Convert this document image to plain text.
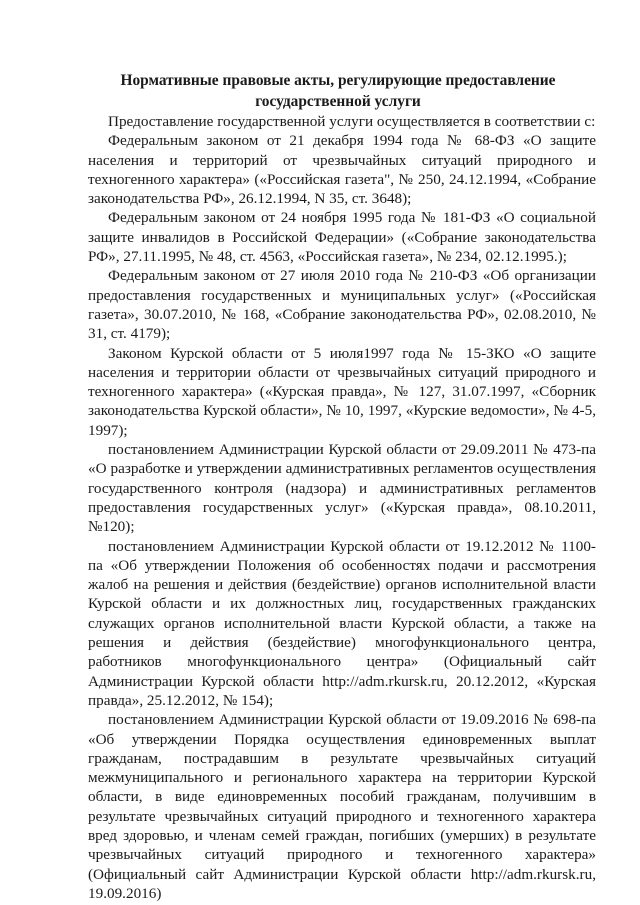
Нормативные правовые акты, регулирующие предоставление
государственной услуги

Предоставление государственной услуги осуществляется в соответствии с:

Федеральным законом от 21 декабря 1994 года № 68-ФЗ «О защите населения и территорий от чрезвычайных ситуаций природного и техногенного характера» («Российская газета", № 250, 24.12.1994, «Собрание законодательства РФ», 26.12.1994, N 35, ст. 3648);

Федеральным законом от 24 ноября 1995 года № 181-ФЗ «О социальной защите инвалидов в Российской Федерации» («Собрание законодательства РФ», 27.11.1995, № 48, ст. 4563, «Российская газета», № 234, 02.12.1995.);

Федеральным законом от 27 июля 2010 года № 210-ФЗ «Об организации предоставления государственных и муниципальных услуг» («Российская газета», 30.07.2010, № 168, «Собрание законодательства РФ», 02.08.2010, № 31, ст. 4179);

Законом Курской области от 5 июля1997 года № 15-ЗКО «О защите населения и территории области от чрезвычайных ситуаций природного и техногенного характера» («Курская правда», № 127, 31.07.1997, «Сборник законодательства Курской области», № 10, 1997, «Курские ведомости», № 4-5, 1997);

постановлением Администрации Курской области от 29.09.2011 № 473-па «О разработке и утверждении административных регламентов осуществления государственного контроля (надзора) и административных регламентов предоставления государственных услуг» («Курская правда», 08.10.2011, №120);

постановлением Администрации Курской области от 19.12.2012 № 1100-па «Об утверждении Положения об особенностях подачи и рассмотрения жалоб на решения и действия (бездействие) органов исполнительной власти Курской области и их должностных лиц, государственных гражданских служащих органов исполнительной власти Курской области, а также на решения и действия (бездействие) многофункционального центра, работников многофункционального центра» (Официальный сайт Администрации Курской области http://adm.rkursk.ru, 20.12.2012, «Курская правда», 25.12.2012, № 154);

постановлением Администрации Курской области от 19.09.2016 № 698-па «Об утверждении Порядка осуществления единовременных выплат гражданам, пострадавшим в результате чрезвычайных ситуаций межмуниципального и регионального характера на территории Курской области, в виде единовременных пособий гражданам, получившим в результате чрезвычайных ситуаций природного и техногенного характера вред здоровью, и членам семей граждан, погибших (умерших) в результате чрезвычайных ситуаций природного и техногенного характера» (Официальный сайт Администрации Курской области http://adm.rkursk.ru, 19.09.2016)
